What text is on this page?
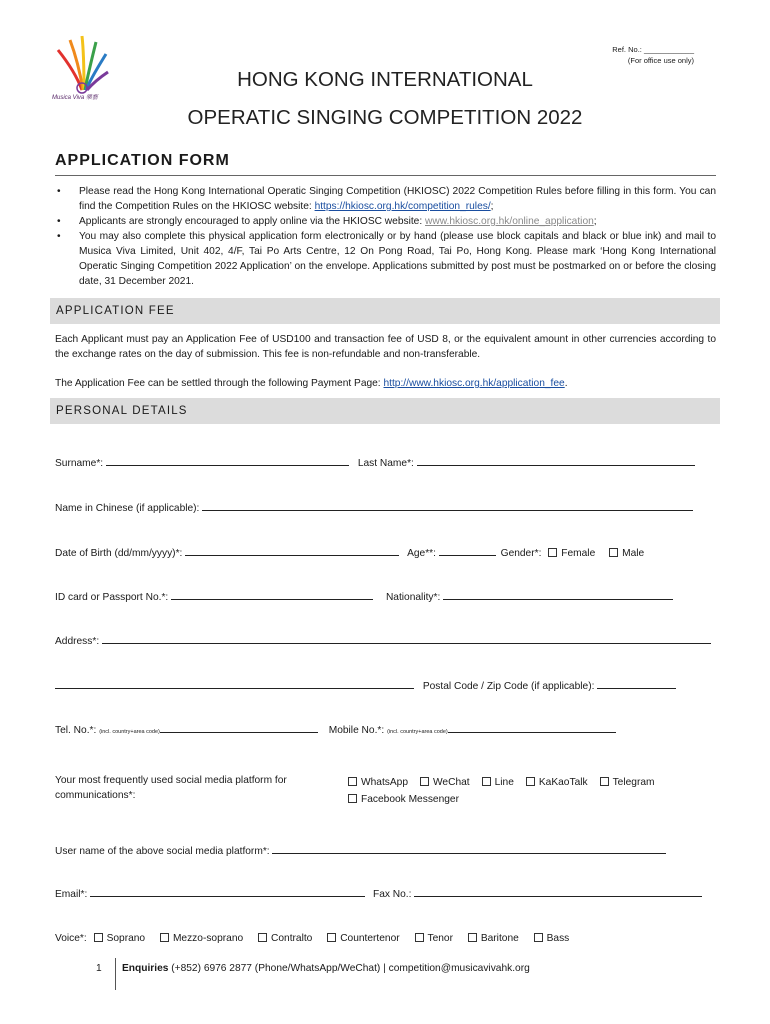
Musica Viva 樂藝
Ref. No.: ____________
(For office use only)
HONG KONG INTERNATIONAL
OPERATIC SINGING COMPETITION 2022
APPLICATION FORM
• Please read the Hong Kong International Operatic Singing Competition (HKIOSC) 2022 Competition Rules before filling in this form. You can find the Competition Rules on the HKIOSC website: https://hkiosc.org.hk/competition_rules/;
• Applicants are strongly encouraged to apply online via the HKIOSC website: www.hkiosc.org.hk/online_application;
• You may also complete this physical application form electronically or by hand (please use block capitals and black or blue ink) and mail to Musica Viva Limited, Unit 402, 4/F, Tai Po Arts Centre, 12 On Pong Road, Tai Po, Hong Kong. Please mark ‘Hong Kong International Operatic Singing Competition 2022 Application’ on the envelope. Applications submitted by post must be postmarked on or before the closing date, 31 December 2021.
APPLICATION FEE
Each Applicant must pay an Application Fee of USD100 and transaction fee of USD 8, or the equivalent amount in other currencies according to the exchange rates on the day of submission. This fee is non-refundable and non-transferable.
The Application Fee can be settled through the following Payment Page: http://www.hkiosc.org.hk/application_fee.
PERSONAL DETAILS
Surname*:	Last Name*:
Name in Chinese (if applicable):
Date of Birth (dd/mm/yyyy)*:	Age**:	Gender*: Female	Male
ID card or Passport No.*:	Nationality*:
Address*:
Postal Code / Zip Code (if applicable):
Tel. No.*: (incl. country+area code)	Mobile No.*: (incl. country+area code)
Your most frequently used social media platform for communications*:
WhatsApp WeChat Line KaKaoTalk Telegram
Facebook Messenger
User name of the above social media platform*:
Email*:	Fax No.:
Voice*: Soprano	Mezzo-soprano	Contralto	Countertenor	Tenor	Baritone	Bass
1 Enquiries (+852) 6976 2877 (Phone/WhatsApp/WeChat) | competition@musicavivahk.org
